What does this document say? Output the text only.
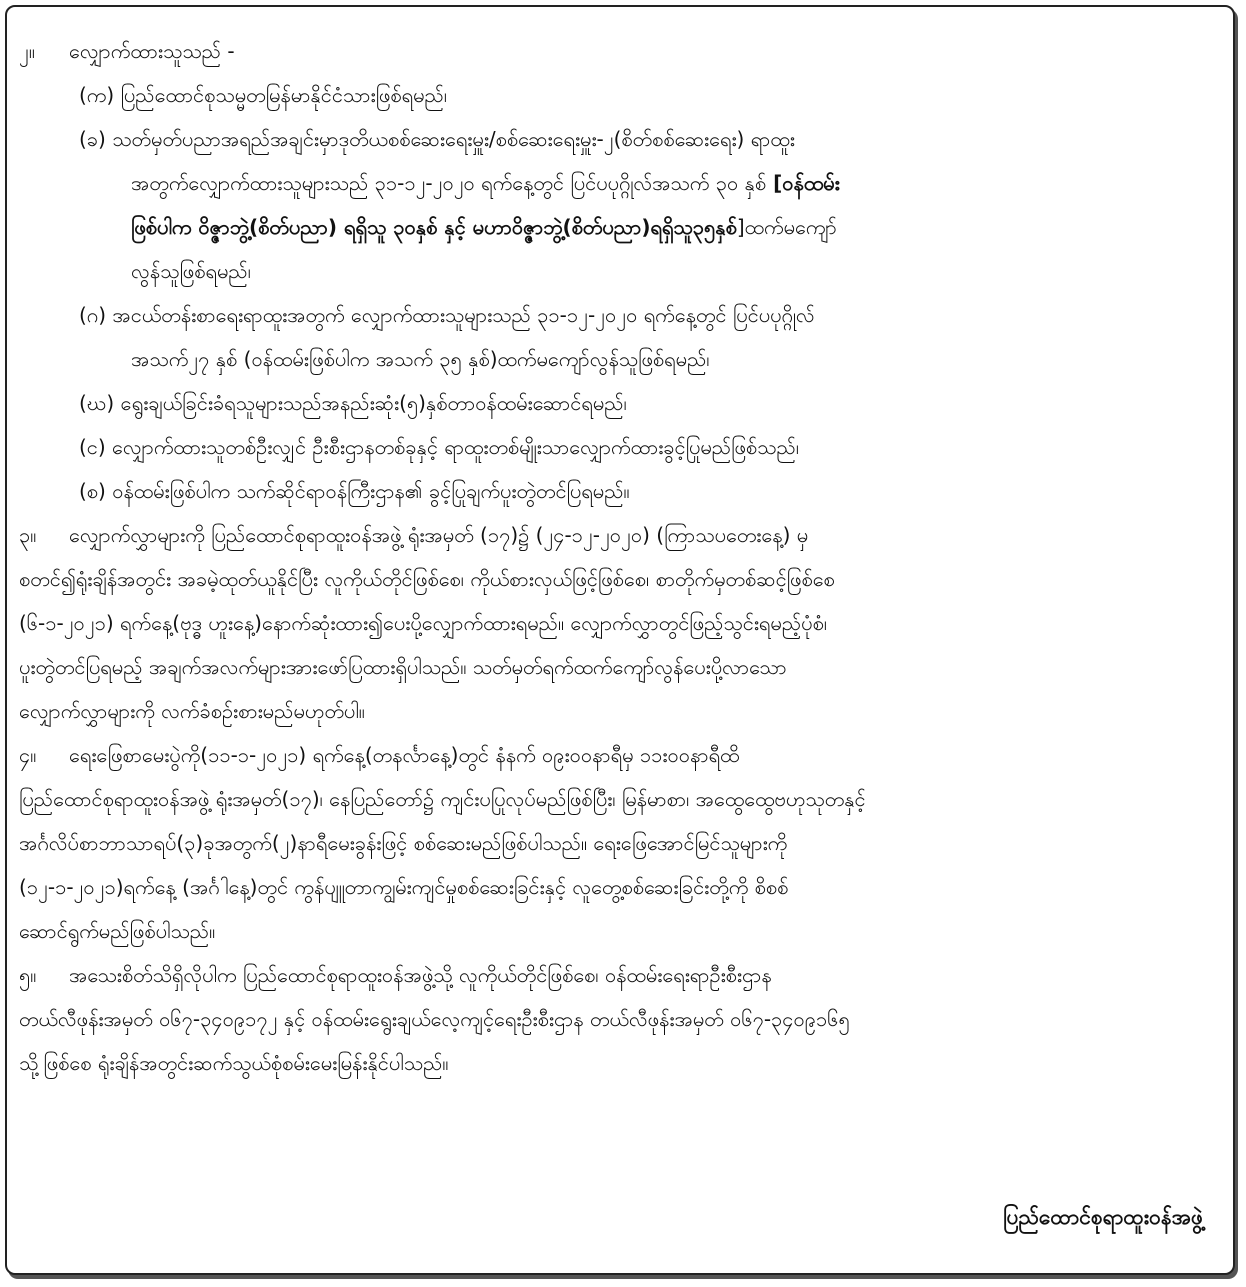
၂။ လျှောက်ထားသူသည် -
(က) ပြည်ထောင်စုသမ္မတမြန်မာနိုင်ငံသားဖြစ်ရမည်၊
(ခ) သတ်မှတ်ပညာအရည်အချင်းမှာဒုတိယစစ်ဆေးရေးမှူး/စစ်ဆေးရေးမှူး-၂(စိတ်စစ်ဆေးရေး) ရာထူး
အတွက်လျှောက်ထားသူများသည် ၃၁-၁၂-၂၀၂၀ ရက်နေ့တွင် ပြင်ပပုဂ္ဂိုလ်အသက် ၃၀ နှစ် [ဝန်ထမ်း
ဖြစ်ပါက ဝိဇ္ဇာဘွဲ့(စိတ်ပညာ) ရရှိသူ ၃၀နှစ် နှင့် မဟာဝိဇ္ဇာဘွဲ့(စိတ်ပညာ)ရရှိသူ၃၅နှစ်]ထက်မကျော်
လွန်သူဖြစ်ရမည်၊
(ဂ) အငယ်တန်းစာရေးရာထူးအတွက် လျှောက်ထားသူများသည် ၃၁-၁၂-၂၀၂၀ ရက်နေ့တွင် ပြင်ပပုဂ္ဂိုလ်
အသက်၂၇ နှစ် (ဝန်ထမ်းဖြစ်ပါက အသက် ၃၅ နှစ်)ထက်မကျော်လွန်သူဖြစ်ရမည်၊
(ဃ) ရွေးချယ်ခြင်းခံရသူများသည်အနည်းဆုံး(၅)နှစ်တာဝန်ထမ်းဆောင်ရမည်၊
(င) လျှောက်ထားသူတစ်ဦးလျှင် ဦးစီးဌာနတစ်ခုနှင့် ရာထူးတစ်မျိုးသာလျှောက်ထားခွင့်ပြုမည်ဖြစ်သည်၊
(စ) ဝန်ထမ်းဖြစ်ပါက သက်ဆိုင်ရာဝန်ကြီးဌာန၏ ခွင့်ပြုချက်ပူးတွဲတင်ပြရမည်။
၃။ လျှောက်လွှာများကို ပြည်ထောင်စုရာထူးဝန်အဖွဲ့ ရုံးအမှတ် (၁၇)၌ (၂၄-၁၂-၂၀၂၀) (ကြာသပတေးနေ့) မှ
စတင်၍ရုံးချိန်အတွင်း အခမဲ့ထုတ်ယူနိုင်ပြီး လူကိုယ်တိုင်ဖြစ်စေ၊ ကိုယ်စားလှယ်ဖြင့်ဖြစ်စေ၊ စာတိုက်မှတစ်ဆင့်ဖြစ်စေ
(၆-၁-၂၀၂၁) ရက်နေ့(ဗုဒ္ဓ ဟူးနေ့)နောက်ဆုံးထား၍ပေးပို့လျှောက်ထားရမည်။ လျှောက်လွှာတွင်ဖြည့်သွင်းရမည့်ပုံစံ၊
ပူးတွဲတင်ပြရမည့် အချက်အလက်များအားဖော်ပြထားရှိပါသည်။ သတ်မှတ်ရက်ထက်ကျော်လွန်ပေးပို့လာသော
လျှောက်လွှာများကို လက်ခံစဉ်းစားမည်မဟုတ်ပါ။
၄။ ရေးဖြေစာမေးပွဲကို(၁၁-၁-၂၀၂၁) ရက်နေ့(တနင်္လာနေ့)တွင် နံနက် ၀၉း၀၀နာရီမှ ၁၁း၀၀နာရီထိ
ပြည်ထောင်စုရာထူးဝန်အဖွဲ့ ရုံးအမှတ်(၁၇)၊ နေပြည်တော်၌ ကျင်းပပြုလုပ်မည်ဖြစ်ပြီး၊ မြန်မာစာ၊ အထွေထွေဗဟုသုတနှင့်
အင်္ဂလိပ်စာဘာသာရပ်(၃)ခုအတွက်(၂)နာရီမေးခွန်းဖြင့် စစ်ဆေးမည်ဖြစ်ပါသည်။ ရေးဖြေအောင်မြင်သူများကို
(၁၂-၁-၂၀၂၁)ရက်နေ့ (အင်္ဂါနေ့)တွင် ကွန်ပျူတာကျွမ်းကျင်မှုစစ်ဆေးခြင်းနှင့် လူတွေ့စစ်ဆေးခြင်းတို့ကို စိစစ်
ဆောင်ရွက်မည်ဖြစ်ပါသည်။
၅။ အသေးစိတ်သိရှိလိုပါက ပြည်ထောင်စုရာထူးဝန်အဖွဲ့သို့ လူကိုယ်တိုင်ဖြစ်စေ၊ ဝန်ထမ်းရေးရာဦးစီးဌာန
တယ်လီဖုန်းအမှတ် ၀၆၇-၃၄၀၉၁၇၂ နှင့် ဝန်ထမ်းရွေးချယ်လေ့ကျင့်ရေးဦးစီးဌာန တယ်လီဖုန်းအမှတ် ၀၆၇-၃၄၀၉၁၆၅
သို့ဖြစ်စေ ရုံးချိန်အတွင်းဆက်သွယ်စုံစမ်းမေးမြန်းနိုင်ပါသည်။
ပြည်ထောင်စုရာထူးဝန်အဖွဲ့
